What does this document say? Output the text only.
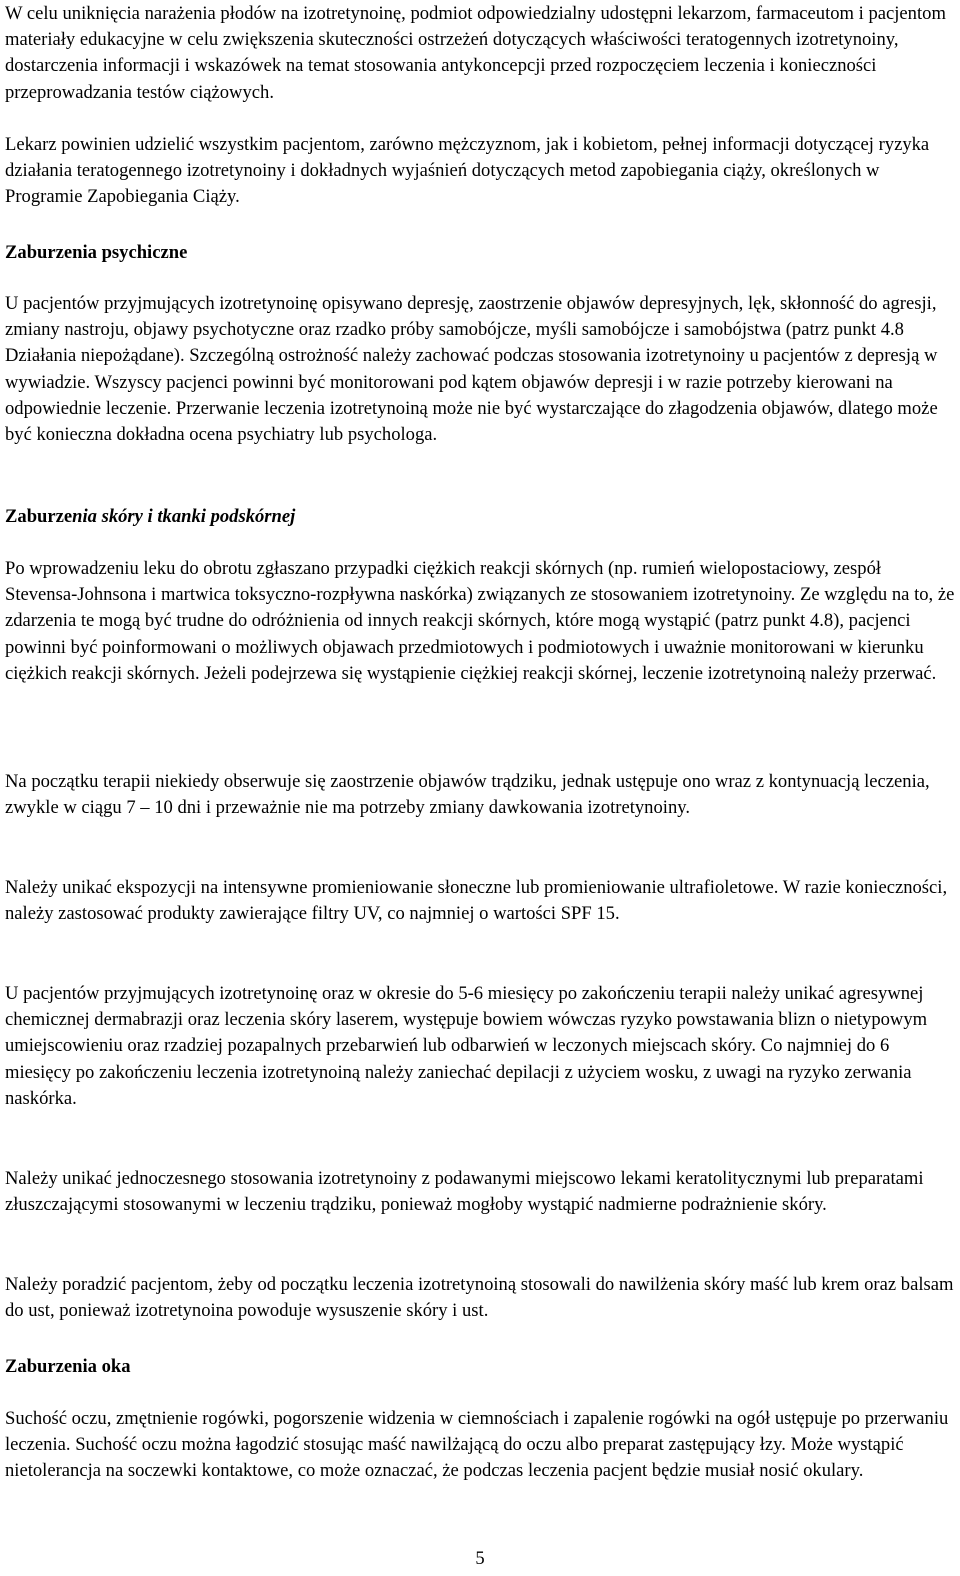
W celu uniknięcia narażenia płodów na izotretynoinę, podmiot odpowiedzialny udostępni lekarzom, farmaceutom i pacjentom materiały edukacyjne w celu zwiększenia skuteczności ostrzeżeń dotyczących właściwości teratogennych izotretynoiny, dostarczenia informacji i wskazówek na temat stosowania antykoncepcji przed rozpoczęciem leczenia i konieczności przeprowadzania testów ciążowych.

Lekarz powinien udzielić wszystkim pacjentom, zarówno mężczyznom, jak i kobietom, pełnej informacji dotyczącej ryzyka działania teratogennego izotretynoiny i dokładnych wyjaśnień dotyczących metod zapobiegania ciąży, określonych w Programie Zapobiegania Ciąży.

Zaburzenia psychiczne

U pacjentów przyjmujących izotretynoinę opisywano depresję, zaostrzenie objawów depresyjnych, lęk, skłonność do agresji, zmiany nastroju, objawy psychotyczne oraz rzadko próby samobójcze, myśli samobójcze i samobójstwa (patrz punkt 4.8 Działania niepożądane). Szczególną ostrożność należy zachować podczas stosowania izotretynoiny u pacjentów z depresją w wywiadzie. Wszyscy pacjenci powinni być monitorowani pod kątem objawów depresji i w razie potrzeby kierowani na odpowiednie leczenie. Przerwanie leczenia izotretynoiną może nie być wystarczające do złagodzenia objawów, dlatego może być konieczna dokładna ocena psychiatry lub psychologa.

Zaburzenia skóry i tkanki podskórnej

Po wprowadzeniu leku do obrotu zgłaszano przypadki ciężkich reakcji skórnych (np. rumień wielopostaciowy, zespół Stevensa-Johnsona i martwica toksyczno-rozpływna naskórka) związanych ze stosowaniem izotretynoiny. Ze względu na to, że zdarzenia te mogą być trudne do odróżnienia od innych reakcji skórnych, które mogą wystąpić (patrz punkt 4.8), pacjenci powinni być poinformowani o możliwych objawach przedmiotowych i podmiotowych i uważnie monitorowani w kierunku ciężkich reakcji skórnych. Jeżeli podejrzewa się wystąpienie ciężkiej reakcji skórnej, leczenie izotretynoiną należy przerwać.

Na początku terapii niekiedy obserwuje się zaostrzenie objawów trądziku, jednak ustępuje ono wraz z kontynuacją leczenia, zwykle w ciągu 7 – 10 dni i przeważnie nie ma potrzeby zmiany dawkowania izotretynoiny.

Należy unikać ekspozycji na intensywne promieniowanie słoneczne lub promieniowanie ultrafioletowe. W razie konieczności, należy zastosować produkty zawierające filtry UV, co najmniej o wartości SPF 15.

U pacjentów przyjmujących izotretynoinę oraz w okresie do 5-6 miesięcy po zakończeniu terapii należy unikać agresywnej chemicznej dermabrazji oraz leczenia skóry laserem, występuje bowiem wówczas ryzyko powstawania blizn o nietypowym umiejscowieniu oraz rzadziej pozapalnych przebarwień lub odbarwień w leczonych miejscach skóry. Co najmniej do 6 miesięcy po zakończeniu leczenia izotretynoiną należy zaniechać depilacji z użyciem wosku, z uwagi na ryzyko zerwania naskórka.

Należy unikać jednoczesnego stosowania izotretynoiny z podawanymi miejscowo lekami keratolitycznymi lub preparatami złuszczającymi stosowanymi w leczeniu trądziku, ponieważ mogłoby wystąpić nadmierne podrażnienie skóry.

Należy poradzić pacjentom, żeby od początku leczenia izotretynoiną stosowali do nawilżenia skóry maść lub krem oraz balsam do ust, ponieważ izotretynoina powoduje wysuszenie skóry i ust.

Zaburzenia oka

Suchość oczu, zmętnienie rogówki, pogorszenie widzenia w ciemnościach i zapalenie rogówki na ogół ustępuje po przerwaniu leczenia. Suchość oczu można łagodzić stosując maść nawilżającą do oczu albo preparat zastępujący łzy. Może wystąpić nietolerancja na soczewki kontaktowe, co może oznaczać, że podczas leczenia pacjent będzie musiał nosić okulary.

5
